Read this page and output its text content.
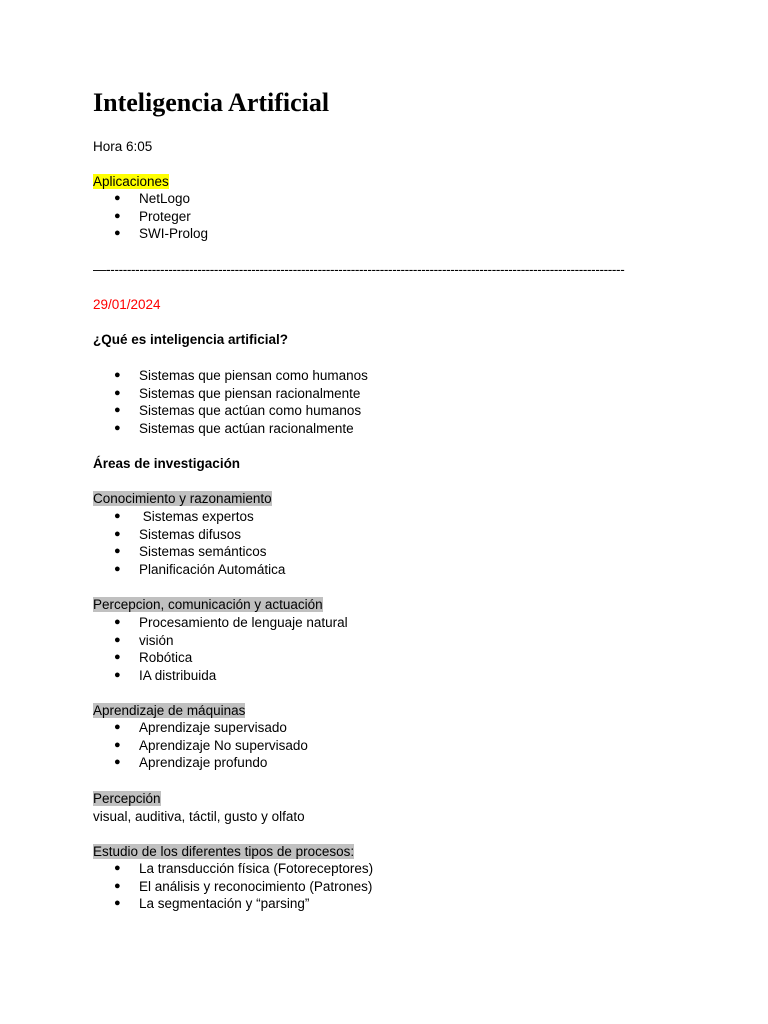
Inteligencia Artificial
Hora 6:05
Aplicaciones
● NetLogo
● Proteger
● SWI-Prolog
—-----------------------------------------------------------------------------------------------------------------------------
29/01/2024
¿Qué es inteligencia artificial?
● Sistemas que piensan como humanos
● Sistemas que piensan racionalmente
● Sistemas que actúan como humanos
● Sistemas que actúan racionalmente
Áreas de investigación
Conocimiento y razonamiento
● Sistemas expertos
● Sistemas difusos
● Sistemas semánticos
● Planificación Automática
Percepcion, comunicación y actuación
● Procesamiento de lenguaje natural
● visión
● Robótica
● IA distribuida
Aprendizaje de máquinas
● Aprendizaje supervisado
● Aprendizaje No supervisado
● Aprendizaje profundo
Percepción
visual, auditiva, táctil, gusto y olfato
Estudio de los diferentes tipos de procesos:
● La transducción física (Fotoreceptores)
● El análisis y reconocimiento (Patrones)
● La segmentación y “parsing”
